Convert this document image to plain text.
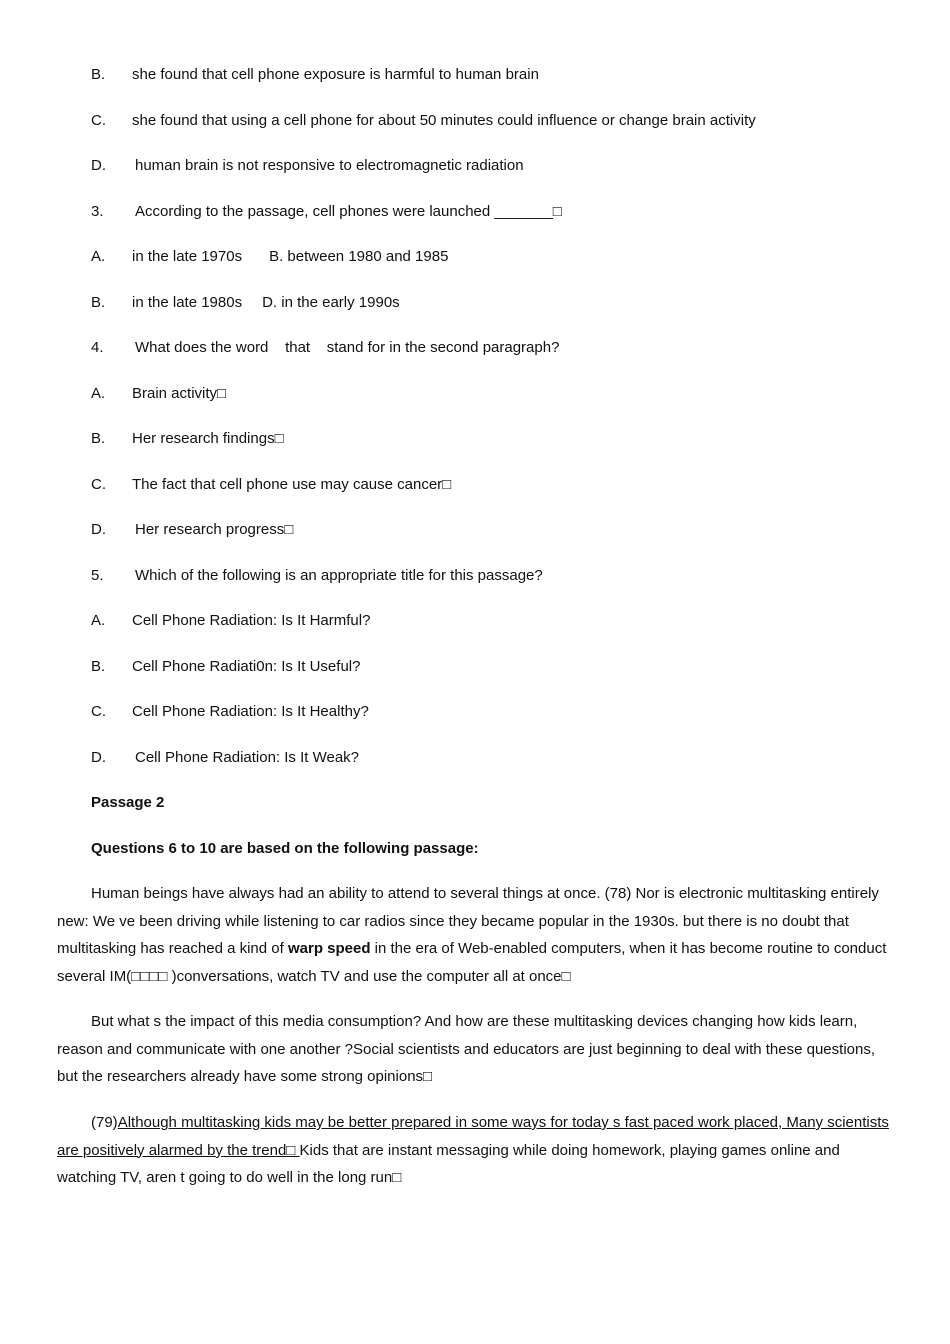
B. she found that cell phone exposure is harmful to human brain
C. she found that using a cell phone for about 50 minutes could influence or change brain activity
D. human brain is not responsive to electromagnetic radiation
3. According to the passage, cell phones were launched _______□
A. in the late 1970s B. between 1980 and 1985
B. in the late 1980s D. in the early 1990s
4. What does the word    that    stand for in the second paragraph?
A. Brain activity□
B. Her research findings□
C. The fact that cell phone use may cause cancer□
D. Her research progress□
5. Which of the following is an appropriate title for this passage?
A. Cell Phone Radiation: Is It Harmful?
B. Cell Phone Radiati0n: Is It Useful?
C. Cell Phone Radiation: Is It Healthy?
D. Cell Phone Radiation: Is It Weak?
Passage 2
Questions 6 to 10 are based on the following passage:
Human beings have always had an ability to attend to several things at once. (78) Nor is electronic multitasking entirely new: We ve been driving while listening to car radios since they became popular in the 1930s. but there is no doubt that multitasking has reached a kind of warp speed in the era of Web-enabled computers, when it has become routine to conduct several IM(□□□□ )conversations, watch TV and use the computer all at once□
But what s the impact of this media consumption? And how are these multitasking devices changing how kids learn, reason and communicate with one another ?Social scientists and educators are just beginning to deal with these questions, but the researchers already have some strong opinions□
(79)Although multitasking kids may be better prepared in some ways for today s fast paced work placed, Many scientists are positively alarmed by the trend□ Kids that are instant messaging while doing homework, playing games online and watching TV, aren t going to do well in the long run□
